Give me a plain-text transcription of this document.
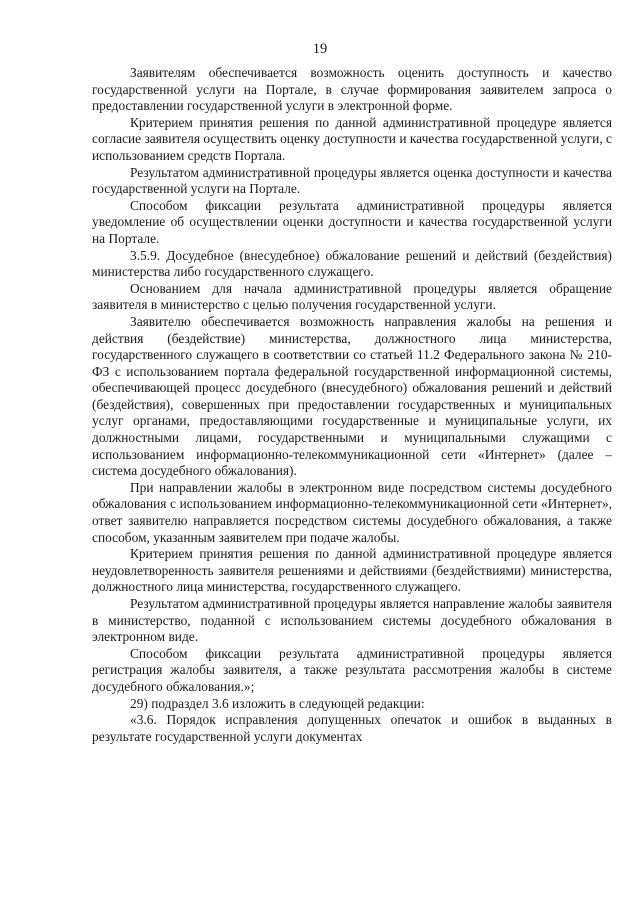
19

Заявителям обеспечивается возможность оценить доступность и качество государственной услуги на Портале, в случае формирования заявителем запроса о предоставлении государственной услуги в электронной форме.

Критерием принятия решения по данной административной процедуре является согласие заявителя осуществить оценку доступности и качества государственной услуги, с использованием средств Портала.

Результатом административной процедуры является оценка доступности и качества государственной услуги на Портале.

Способом фиксации результата административной процедуры является уведомление об осуществлении оценки доступности и качества государственной услуги на Портале.

3.5.9. Досудебное (внесудебное) обжалование решений и действий (бездействия) министерства либо государственного служащего.

Основанием для начала административной процедуры является обращение заявителя в министерство с целью получения государственной услуги.

Заявителю обеспечивается возможность направления жалобы на решения и действия (бездействие) министерства, должностного лица министерства, государственного служащего в соответствии со статьей 11.2 Федерального закона № 210-ФЗ с использованием портала федеральной государственной информационной системы, обеспечивающей процесс досудебного (внесудебного) обжалования решений и действий (бездействия), совершенных при предоставлении государственных и муниципальных услуг органами, предоставляющими государственные и муниципальные услуги, их должностными лицами, государственными и муниципальными служащими с использованием информационно-телекоммуникационной сети «Интернет» (далее – система досудебного обжалования).

При направлении жалобы в электронном виде посредством системы досудебного обжалования с использованием информационно-телекоммуникационной сети «Интернет», ответ заявителю направляется посредством системы досудебного обжалования, а также способом, указанным заявителем при подаче жалобы.

Критерием принятия решения по данной административной процедуре является неудовлетворенность заявителя решениями и действиями (бездействиями) министерства, должностного лица министерства, государственного служащего.

Результатом административной процедуры является направление жалобы заявителя в министерство, поданной с использованием системы досудебного обжалования в электронном виде.

Способом фиксации результата административной процедуры является регистрация жалобы заявителя, а также результата рассмотрения жалобы в системе досудебного обжалования.»;

29) подраздел 3.6 изложить в следующей редакции:

«3.6. Порядок исправления допущенных опечаток и ошибок в выданных в результате государственной услуги документах
